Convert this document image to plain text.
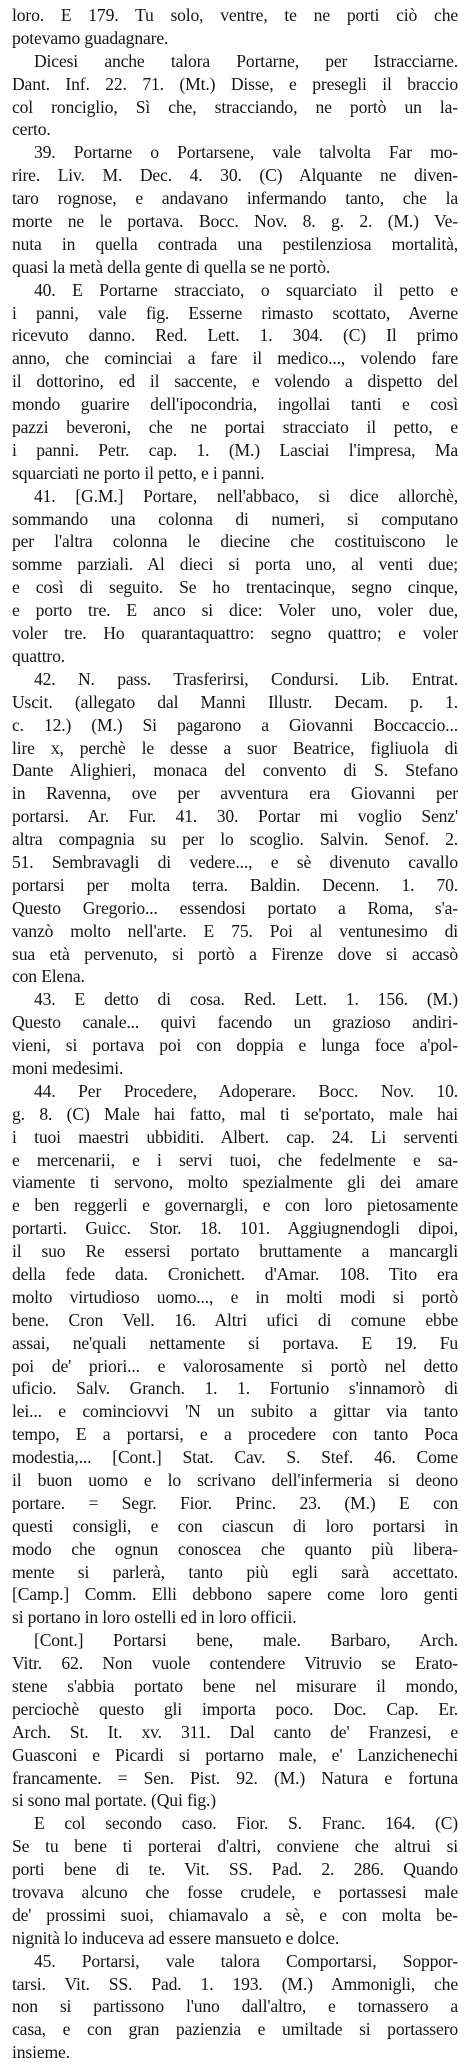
loro. E 179. Tu solo, ventre, te ne porti ciò che
potevamo guadagnare.
Dicesi anche talora Portarne, per Istracciarne.
Dant. Inf. 22. 71. (Mt.) Disse, e presegli il braccio
col ronciglio, Sì che, stracciando, ne portò un la-
certo.
39. Portarne o Portarsene, vale talvolta Far mo-
rire. Liv. M. Dec. 4. 30. (C) Alquante ne diven-
taro rognose, e andavano infermando tanto, che la
morte ne le portava. Bocc. Nov. 8. g. 2. (M.) Ve-
nuta in quella contrada una pestilenziosa mortalità,
quasi la metà della gente di quella se ne portò.
40. E Portarne stracciato, o squarciato il petto e
i panni, vale fig. Esserne rimasto scottato, Averne
ricevuto danno. Red. Lett. 1. 304. (C) Il primo
anno, che cominciai a fare il medico..., volendo fare
il dottorino, ed il saccente, e volendo a dispetto del
mondo guarire dell'ipocondria, ingollai tanti e così
pazzi beveroni, che ne portai stracciato il petto, e
i panni. Petr. cap. 1. (M.) Lasciai l'impresa, Ma
squarciati ne porto il petto, e i panni.
41. [G.M.] Portare, nell'abbaco, si dice allorchè,
sommando una colonna di numeri, si computano
per l'altra colonna le diecine che costituiscono le
somme parziali. Al dieci si porta uno, al venti due;
e così di seguito. Se ho trentacinque, segno cinque,
e porto tre. E anco si dice: Voler uno, voler due,
voler tre. Ho quarantaquattro: segno quattro; e voler
quattro.
42. N. pass. Trasferirsi, Condursi. Lib. Entrat.
Uscit. (allegato dal Manni Illustr. Decam. p. 1.
c. 12.) (M.) Si pagarono a Giovanni Boccaccio...
lire x, perchè le desse a suor Beatrice, figliuola di
Dante Alighieri, monaca del convento di S. Stefano
in Ravenna, ove per avventura era Giovanni per
portarsi. Ar. Fur. 41. 30. Portar mi voglio Senz'
altra compagnia su per lo scoglio. Salvin. Senof. 2.
51. Sembravagli di vedere..., e sè divenuto cavallo
portarsi per molta terra. Baldin. Decenn. 1. 70.
Questo Gregorio... essendosi portato a Roma, s'a-
vanzò molto nell'arte. E 75. Poi al ventunesimo di
sua età pervenuto, si portò a Firenze dove si accasò
con Elena.
43. E detto di cosa. Red. Lett. 1. 156. (M.)
Questo canale... quivi facendo un grazioso andiri-
vieni, si portava poi con doppia e lunga foce a'pol-
moni medesimi.
44. Per Procedere, Adoperare. Bocc. Nov. 10.
g. 8. (C) Male hai fatto, mal ti se'portato, male hai
i tuoi maestri ubbiditi. Albert. cap. 24. Li serventi
e mercenarii, e i servi tuoi, che fedelmente e sa-
viamente ti servono, molto spezialmente gli dei amare
e ben reggerli e governargli, e con loro pietosamente
portarti. Guicc. Stor. 18. 101. Aggiugnendogli dipoi,
il suo Re essersi portato bruttamente a mancargli
della fede data. Cronichett. d'Amar. 108. Tito era
molto virtudioso uomo..., e in molti modi si portò
bene. Cron Vell. 16. Altri ufici di comune ebbe
assai, ne'quali nettamente si portava. E 19. Fu
poi de' priori... e valorosamente si portò nel detto
uficio. Salv. Granch. 1. 1. Fortunio s'innamorò di
lei... e cominciovvi 'N un subito a gittar via tanto
tempo, E a portarsi, e a procedere con tanto Poca
modestia,... [Cont.] Stat. Cav. S. Stef. 46. Come
il buon uomo e lo scrivano dell'infermeria si deono
portare. = Segr. Fior. Princ. 23. (M.) E con
questi consigli, e con ciascun di loro portarsi in
modo che ognun conoscea che quanto più libera-
mente si parlerà, tanto più egli sarà accettato.
[Camp.] Comm. Elli debbono sapere come loro genti
si portano in loro ostelli ed in loro officii.
[Cont.] Portarsi bene, male. Barbaro, Arch.
Vitr. 62. Non vuole contendere Vitruvio se Erato-
stene s'abbia portato bene nel misurare il mondo,
perciochè questo gli importa poco. Doc. Cap. Er.
Arch. St. It. xv. 311. Dal canto de' Franzesi, e
Guasconi e Picardi si portarno male, e' Lanzichenechi
francamente. = Sen. Pist. 92. (M.) Natura e fortuna
si sono mal portate. (Qui fig.)
E col secondo caso. Fior. S. Franc. 164. (C)
Se tu bene ti porterai d'altri, conviene che altrui si
porti bene di te. Vit. SS. Pad. 2. 286. Quando
trovava alcuno che fosse crudele, e portassesi male
de' prossimi suoi, chiamavalo a sè, e con molta be-
nignità lo induceva ad essere mansueto e dolce.
45. Portarsi, vale talora Comportarsi, Soppor-
tarsi. Vit. SS. Pad. 1. 193. (M.) Ammonigli, che
non si partissono l'uno dall'altro, e tornassero a
casa, e con gran pazienzia e umiltade si portassero
insieme.
